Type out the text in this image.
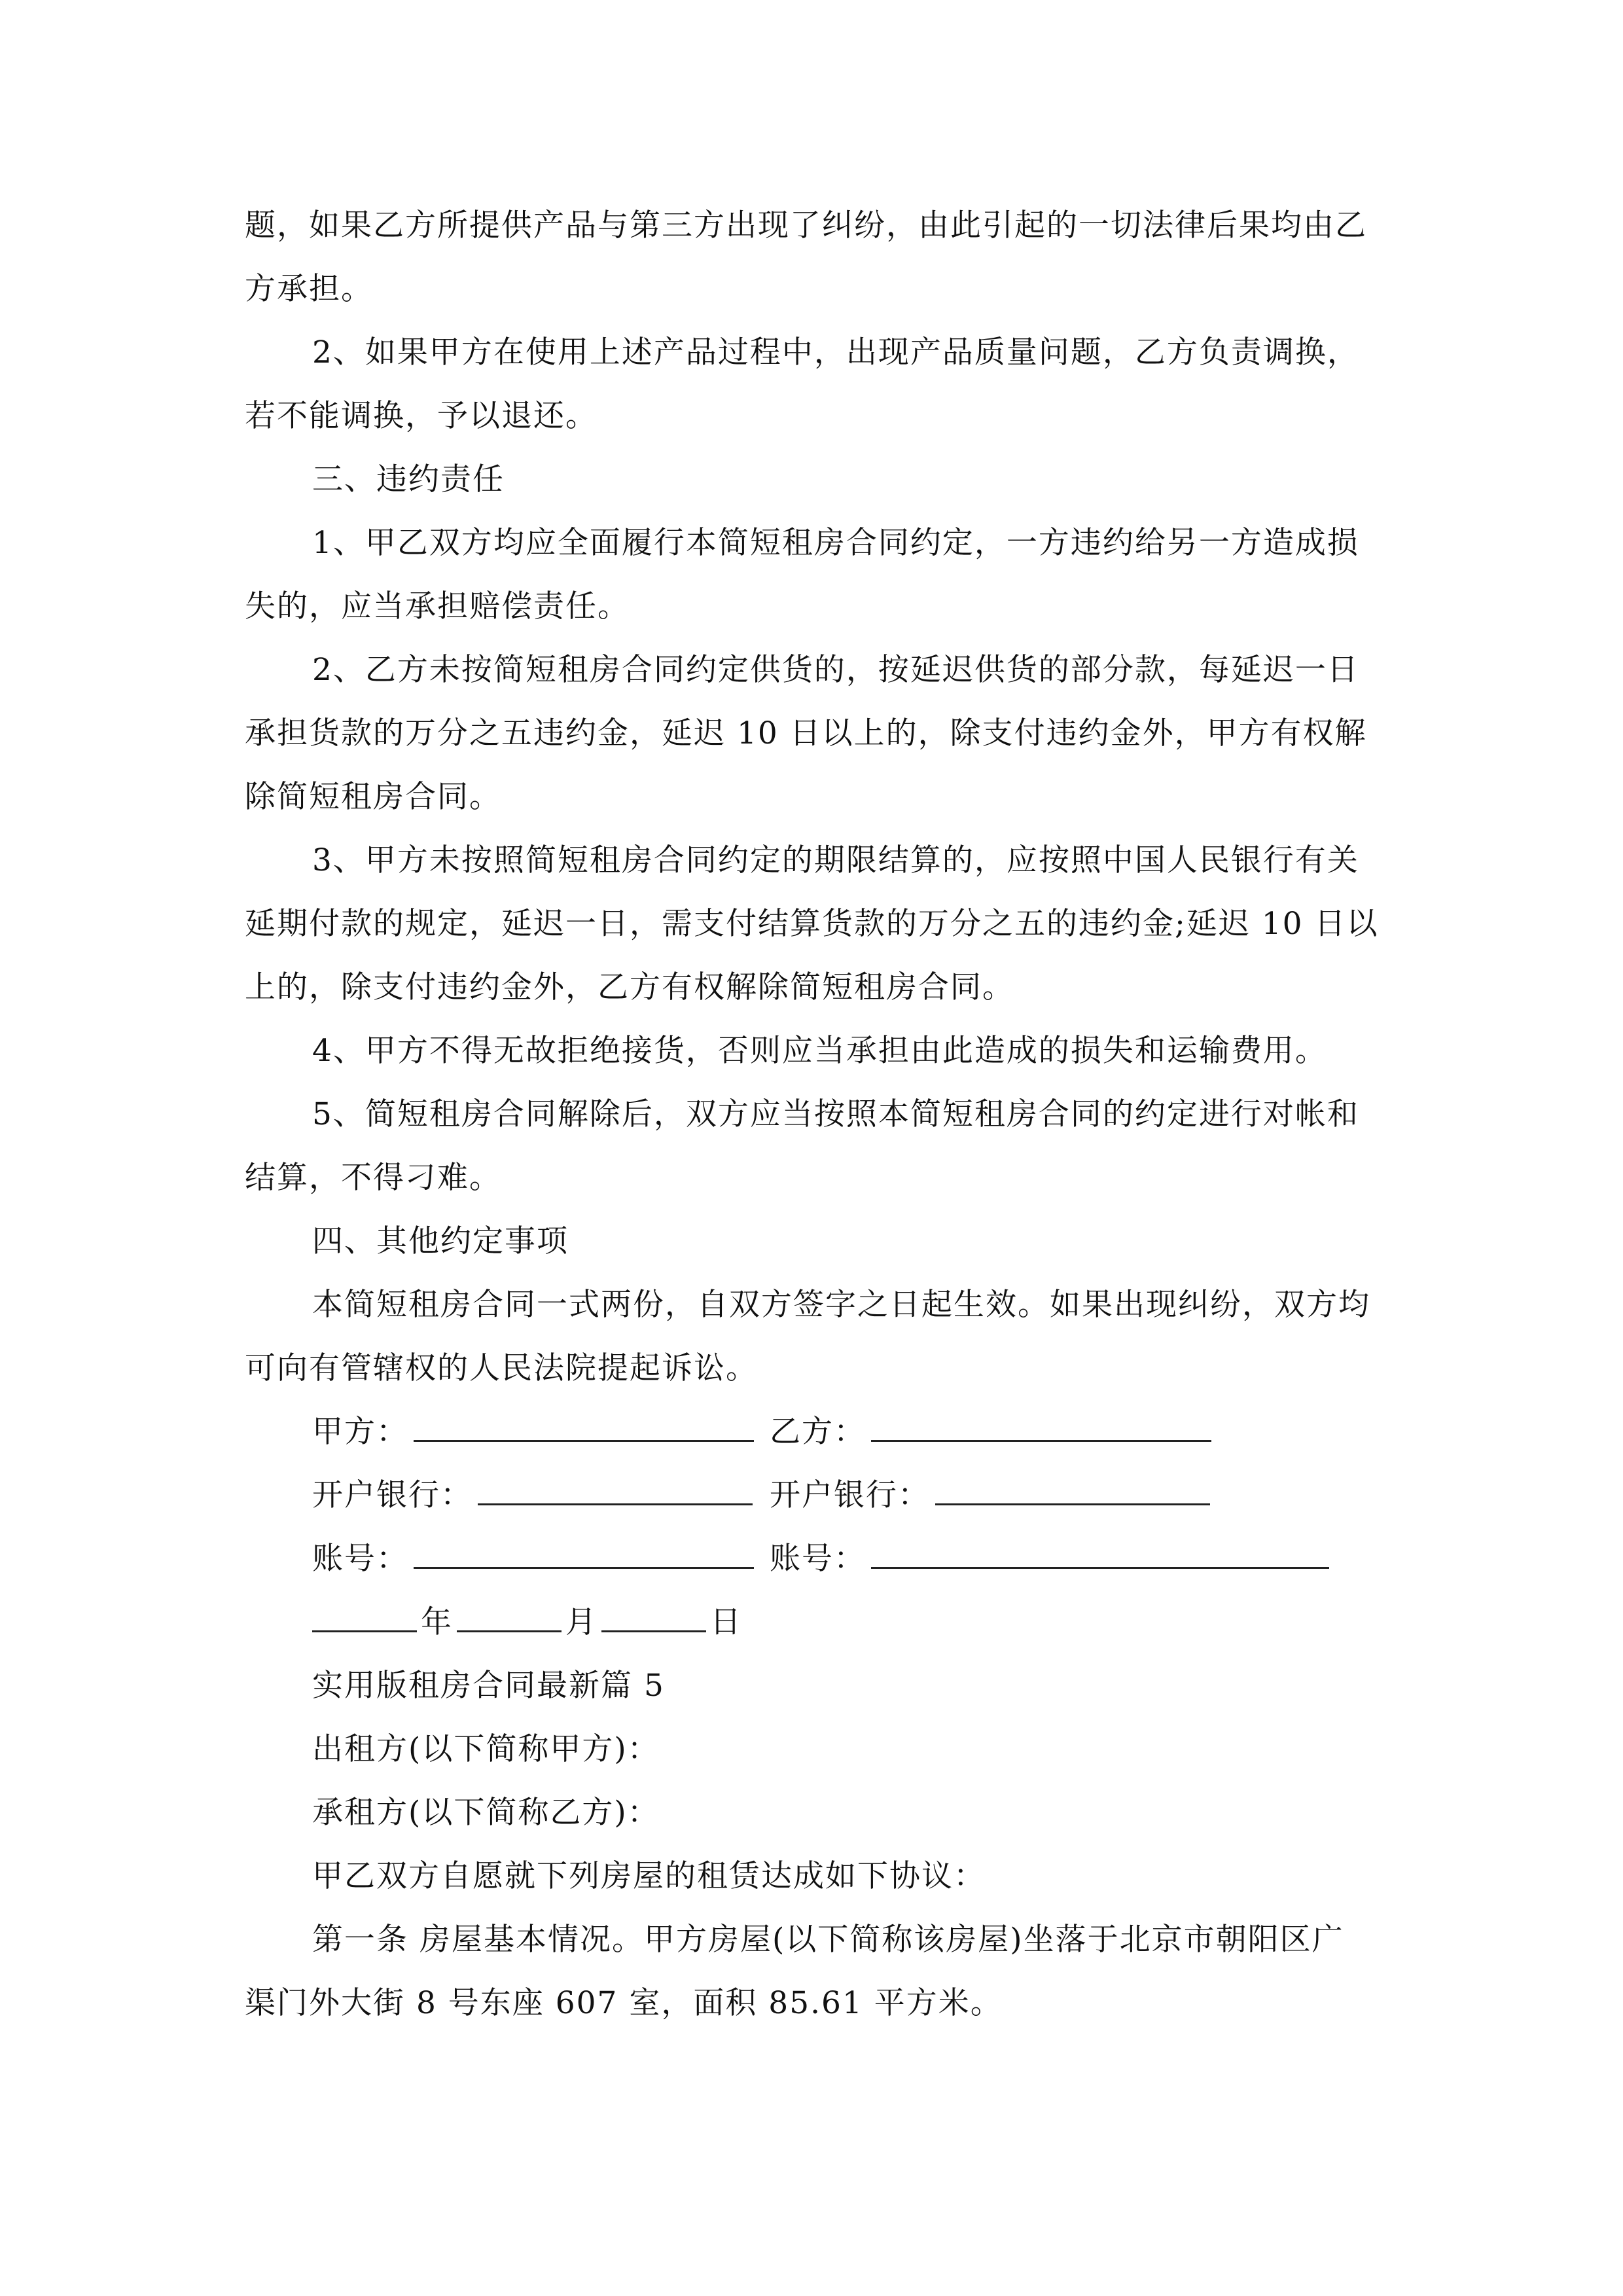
题，如果乙方所提供产品与第三方出现了纠纷，由此引起的一切法律后果均由乙

方承担。

2、如果甲方在使用上述产品过程中，出现产品质量问题，乙方负责调换，

若不能调换，予以退还。

三、违约责任

1、甲乙双方均应全面履行本简短租房合同约定，一方违约给另一方造成损

失的，应当承担赔偿责任。

2、乙方未按简短租房合同约定供货的，按延迟供货的部分款，每延迟一日

承担货款的万分之五违约金，延迟 10 日以上的，除支付违约金外，甲方有权解

除简短租房合同。

3、甲方未按照简短租房合同约定的期限结算的，应按照中国人民银行有关

延期付款的规定，延迟一日，需支付结算货款的万分之五的违约金;延迟 10 日以

上的，除支付违约金外，乙方有权解除简短租房合同。

4、甲方不得无故拒绝接货，否则应当承担由此造成的损失和运输费用。

5、简短租房合同解除后，双方应当按照本简短租房合同的约定进行对帐和

结算，不得刁难。

四、其他约定事项

本简短租房合同一式两份，自双方签字之日起生效。如果出现纠纷，双方均

可向有管辖权的人民法院提起诉讼。

甲方：	乙方：
开户银行：	开户银行：
账号：	账号：
年	月	日

实用版租房合同最新篇 5

出租方(以下简称甲方)：

承租方(以下简称乙方)：

甲乙双方自愿就下列房屋的租赁达成如下协议：

第一条 房屋基本情况。甲方房屋(以下简称该房屋)坐落于北京市朝阳区广

渠门外大街 8 号东座 607 室，面积 85.61 平方米。
